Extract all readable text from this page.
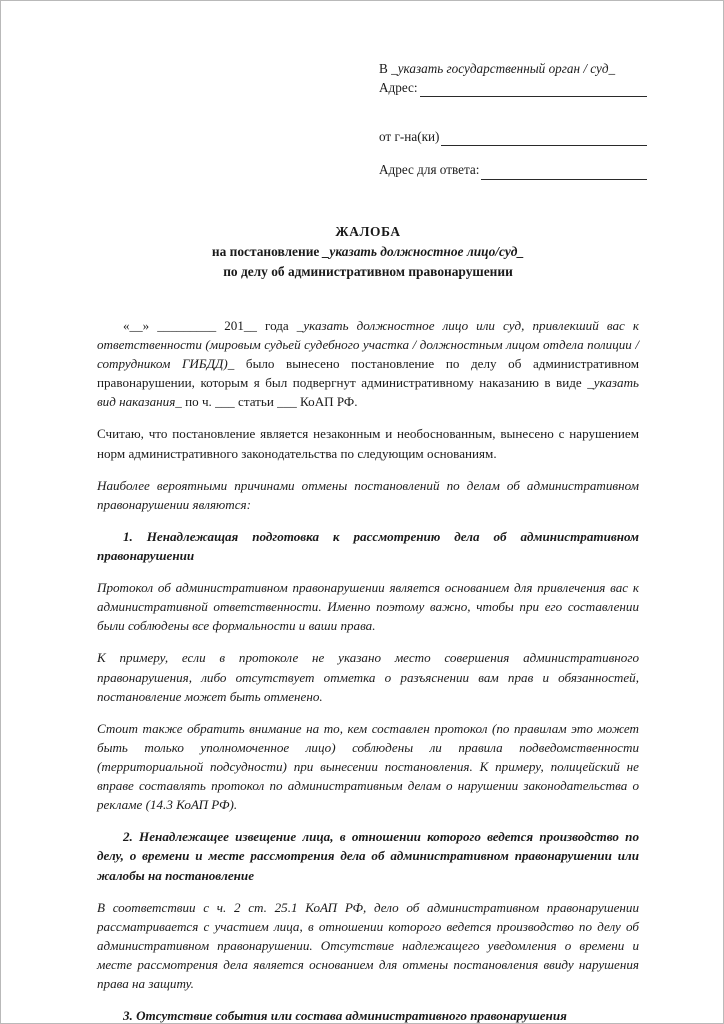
В _указать государственный орган / суд_
Адрес:
от г-на(ки)
Адрес для ответа:
ЖАЛОБА
на постановление _указать должностное лицо/суд_
по делу об административном правонарушении

«__» _________ 201__ года _указать должностное лицо или суд, привлекший вас к ответственности (мировым судьей судебного участка / должностным лицом отдела полиции / сотрудником ГИБДД)_ было вынесено постановление по делу об административном правонарушении, которым я был подвергнут административному наказанию в виде _указать вид наказания_ по ч. ___ статьи ___ КоАП РФ.

Считаю, что постановление является незаконным и необоснованным, вынесено с нарушением норм административного законодательства по следующим основаниям.

Наиболее вероятными причинами отмены постановлений по делам об административном правонарушении являются:

1. Ненадлежащая подготовка к рассмотрению дела об административном правонарушении

Протокол об административном правонарушении является основанием для привлечения вас к административной ответственности. Именно поэтому важно, чтобы при его составлении были соблюдены все формальности и ваши права.

К примеру, если в протоколе не указано место совершения административного правонарушения, либо отсутствует отметка о разъяснении вам прав и обязанностей, постановление может быть отменено.

Стоит также обратить внимание на то, кем составлен протокол (по правилам это может быть только уполномоченное лицо) соблюдены ли правила подведомственности (территориальной подсудности) при вынесении постановления. К примеру, полицейский не вправе составлять протокол по административным делам о нарушении законодательства о рекламе (14.3 КоАП РФ).

2. Ненадлежащее извещение лица, в отношении которого ведется производство по делу, о времени и месте рассмотрения дела об административном правонарушении или жалобы на постановление

В соответствии с ч. 2 ст. 25.1 КоАП РФ, дело об административном правонарушении рассматривается с участием лица, в отношении которого ведется производство по делу об административном правонарушении. Отсутствие надлежащего уведомления о времени и месте рассмотрения дела является основанием для отмены постановления ввиду нарушения права на защиту.

3. Отсутствие события или состава административного правонарушения
